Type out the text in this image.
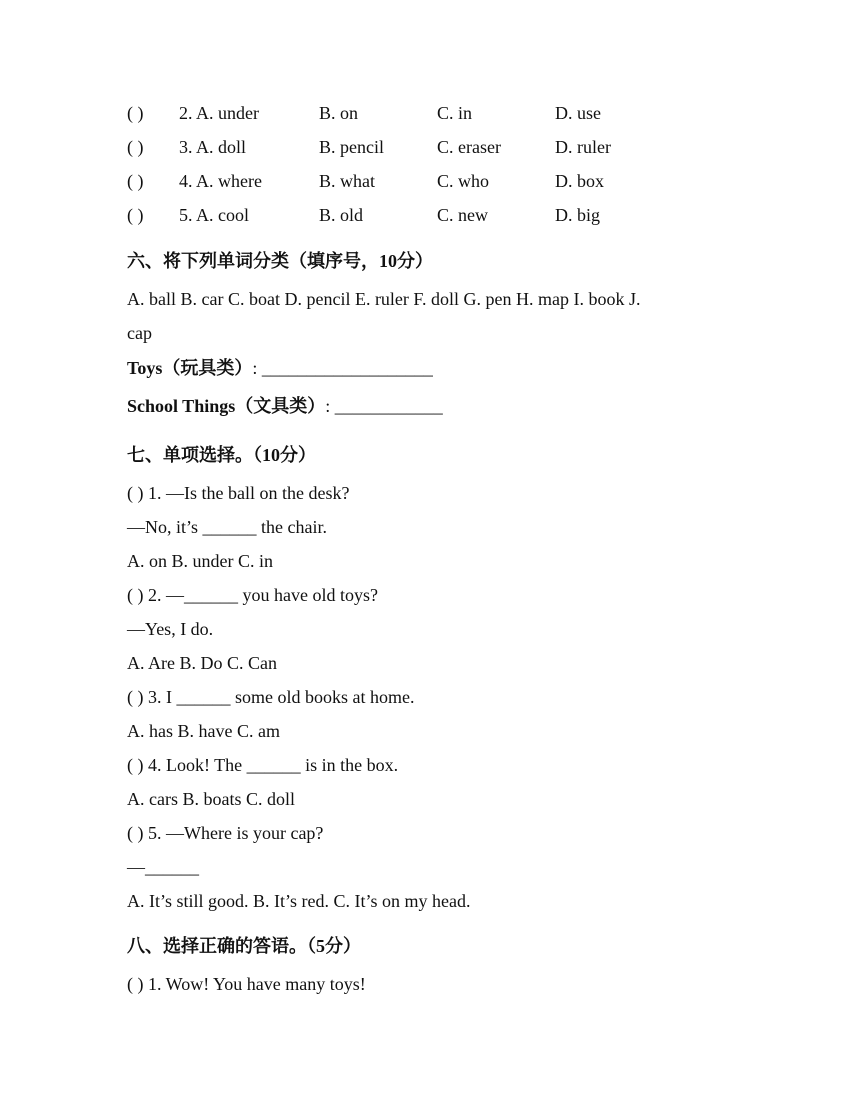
( ) 2. A. under	B. on	C. in	D. use
( ) 3. A. doll	B. pencil	C. eraser	D. ruler
( ) 4. A. where	B. what	C. who	D. box
( ) 5. A. cool	B. old	C. new	D. big
六、将下列单词分类（填序号，10分）
A. ball B. car C. boat D. pencil E. ruler F. doll G. pen H. map I. book J.
cap
Toys（玩具类）: ___________________
School Things（文具类）: ____________
七、单项选择。（10分）
( ) 1. —Is the ball on the desk?
—No, it’s ______ the chair.
A. on B. under C. in
( ) 2. —______ you have old toys?
—Yes, I do.
A. Are B. Do C. Can
( ) 3. I ______ some old books at home.
A. has B. have C. am
( ) 4. Look! The ______ is in the box.
A. cars B. boats C. doll
( ) 5. —Where is your cap?
—______
A. It’s still good. B. It’s red. C. It’s on my head.
八、选择正确的答语。（5分）
( ) 1. Wow! You have many toys!
